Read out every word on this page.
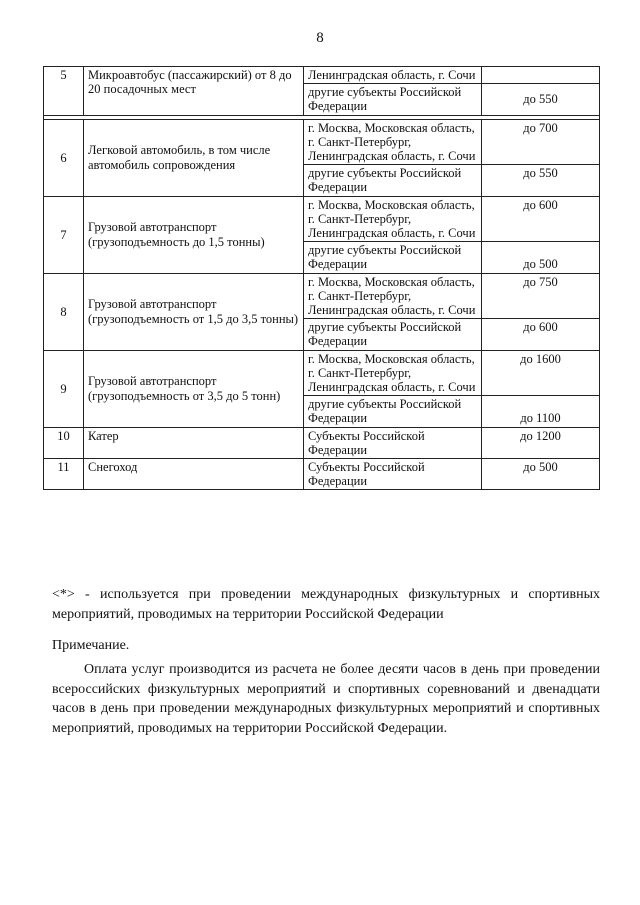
8
5	Микроавтобус (пассажирский) от 8 до 20 посадочных мест	Ленинградская область, г. Сочи	
		другие субъекты Российской Федерации	до 550

6	Легковой автомобиль, в том числе автомобиль сопровождения	г. Москва, Московская область, г. Санкт-Петербург, Ленинградская область, г. Сочи	до 700
		другие субъекты Российской Федерации	до 550
7	Грузовой автотранспорт (грузоподъемность до 1,5 тонны)	г. Москва, Московская область, г. Санкт-Петербург, Ленинградская область, г. Сочи	до 600
		другие субъекты Российской Федерации	до 500
8	Грузовой автотранспорт (грузоподъемность от 1,5 до 3,5 тонны)	г. Москва, Московская область, г. Санкт-Петербург, Ленинградская область, г. Сочи	до 750
		другие субъекты Российской Федерации	до 600
9	Грузовой автотранспорт (грузоподъемность от 3,5 до 5 тонн)	г. Москва, Московская область, г. Санкт-Петербург, Ленинградская область, г. Сочи	до 1600
		другие субъекты Российской Федерации	до 1100
10	Катер	Субъекты Российской Федерации	до 1200
11	Снегоход	Субъекты Российской Федерации	до 500
<*> - используется при проведении международных физкультурных и спортивных мероприятий, проводимых на территории Российской Федерации
Примечание.
Оплата услуг производится из расчета не более десяти часов в день при проведении всероссийских физкультурных мероприятий и спортивных соревнований и двенадцати часов в день при проведении международных физкультурных мероприятий и спортивных мероприятий, проводимых на территории Российской Федерации.
